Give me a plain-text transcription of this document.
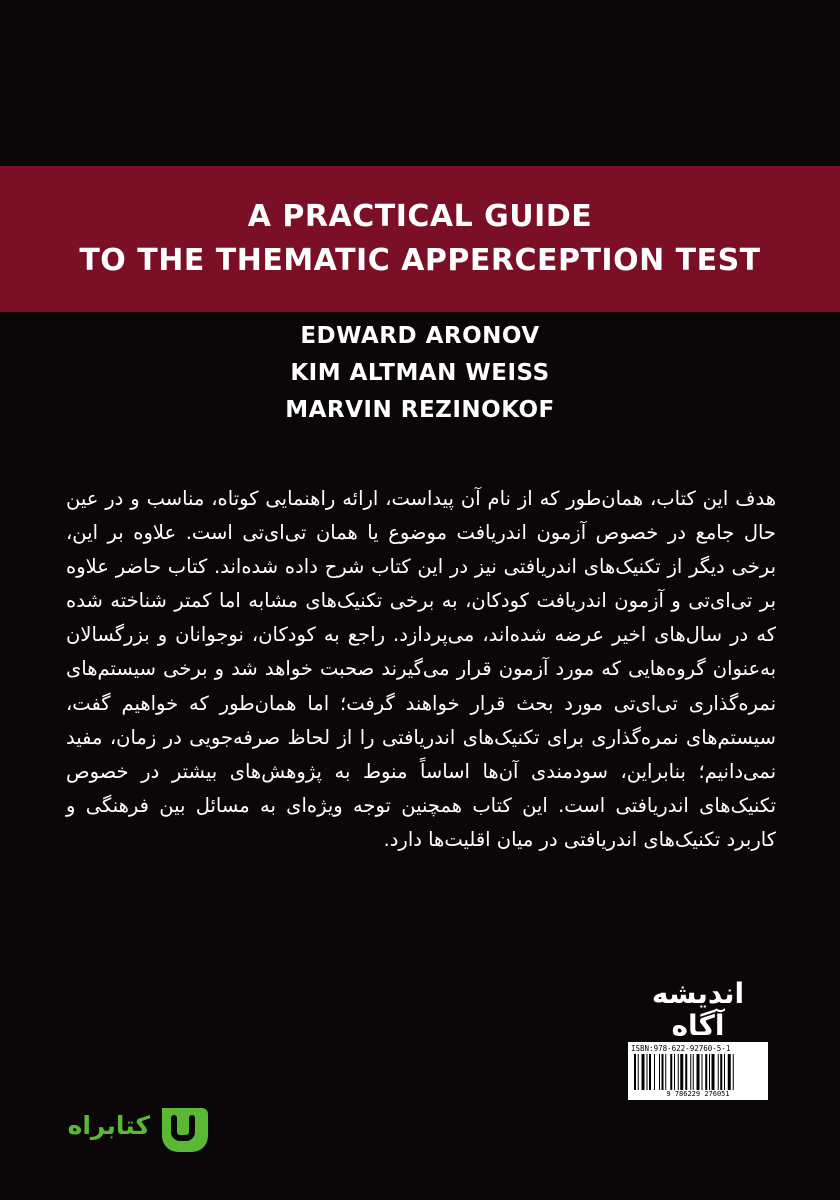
A PRACTICAL GUIDE
TO THE THEMATIC APPERCEPTION TEST
EDWARD ARONOV
KIM ALTMAN WEISS
MARVIN REZINOKOF
هدف این کتاب، همان‌طور که از نام آن پیداست، ارائه راهنمایی کوتاه، مناسب و در عین حال جامع در خصوص آزمون اندریافت موضوع یا همان تی‌ای‌تی است. علاوه بر این، برخی دیگر از تکنیک‌های اندریافتی نیز در این کتاب شرح داده شده‌اند. کتاب حاضر علاوه بر تی‌ای‌تی و آزمون اندریافت کودکان، به برخی تکنیک‌های مشابه اما کمتر شناخته شده که در سال‌های اخیر عرضه شده‌اند، می‌پردازد. راجع به کودکان، نوجوانان و بزرگسالان به‌عنوان گروه‌هایی که مورد آزمون قرار می‌گیرند صحبت خواهد شد و برخی سیستم‌های نمره‌گذاری تی‌ای‌تی مورد بحث قرار خواهند گرفت؛ اما همان‌طور که خواهیم گفت، سیستم‌های نمره‌گذاری برای تکنیک‌های اندریافتی را از لحاظ صرفه‌جویی در زمان، مفید نمی‌دانیم؛ بنابراین، سودمندی آن‌ها اساساً منوط به پژوهش‌های بیشتر در خصوص تکنیک‌های اندریافتی است. این کتاب همچنین توجه ویژه‌ای به مسائل بین فرهنگی و کاربرد تکنیک‌های اندریافتی در میان اقلیت‌ها دارد.
اندیشه
آگاه
ISBN:978-622-92760-5-1
9 786229 276051
کتابراه
